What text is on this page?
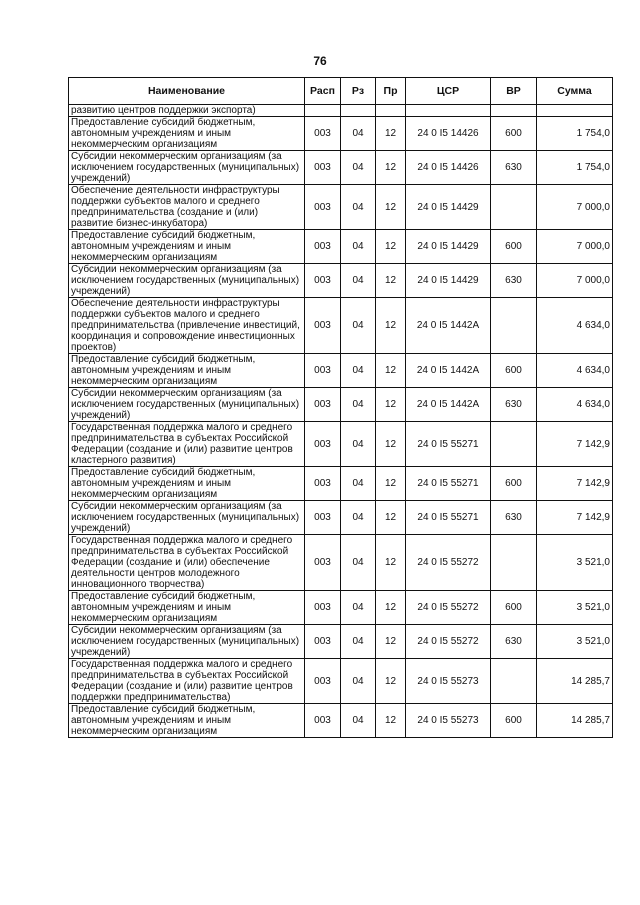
76
Наименование	Расп	Рз	Пр	ЦСР	ВР	Сумма
развитию центров поддержки экспорта)						
Предоставление субсидий бюджетным, автономным учреждениям и иным некоммерческим организациям	003	04	12	24 0 I5 14426	600	1 754,0
Субсидии некоммерческим организациям (за исключением государственных (муниципальных) учреждений)	003	04	12	24 0 I5 14426	630	1 754,0
Обеспечение деятельности инфраструктуры поддержки субъектов малого и среднего предпринимательства (создание и (или) развитие бизнес-инкубатора)	003	04	12	24 0 I5 14429		7 000,0
Предоставление субсидий бюджетным, автономным учреждениям и иным некоммерческим организациям	003	04	12	24 0 I5 14429	600	7 000,0
Субсидии некоммерческим организациям (за исключением государственных (муниципальных) учреждений)	003	04	12	24 0 I5 14429	630	7 000,0
Обеспечение деятельности инфраструктуры поддержки субъектов малого и среднего предпринимательства (привлечение инвестиций, координация и сопровождение инвестиционных проектов)	003	04	12	24 0 I5 1442A		4 634,0
Предоставление субсидий бюджетным, автономным учреждениям и иным некоммерческим организациям	003	04	12	24 0 I5 1442A	600	4 634,0
Субсидии некоммерческим организациям (за исключением государственных (муниципальных) учреждений)	003	04	12	24 0 I5 1442A	630	4 634,0
Государственная поддержка малого и среднего предпринимательства в субъектах Российской Федерации (создание и (или) развитие центров кластерного развития)	003	04	12	24 0 I5 55271		7 142,9
Предоставление субсидий бюджетным, автономным учреждениям и иным некоммерческим организациям	003	04	12	24 0 I5 55271	600	7 142,9
Субсидии некоммерческим организациям (за исключением государственных (муниципальных) учреждений)	003	04	12	24 0 I5 55271	630	7 142,9
Государственная поддержка малого и среднего предпринимательства в субъектах Российской Федерации (создание и (или) обеспечение деятельности центров молодежного инновационного творчества)	003	04	12	24 0 I5 55272		3 521,0
Предоставление субсидий бюджетным, автономным учреждениям и иным некоммерческим организациям	003	04	12	24 0 I5 55272	600	3 521,0
Субсидии некоммерческим организациям (за исключением государственных (муниципальных) учреждений)	003	04	12	24 0 I5 55272	630	3 521,0
Государственная поддержка малого и среднего предпринимательства в субъектах Российской Федерации (создание и (или) развитие центров поддержки предпринимательства)	003	04	12	24 0 I5 55273		14 285,7
Предоставление субсидий бюджетным, автономным учреждениям и иным некоммерческим организациям	003	04	12	24 0 I5 55273	600	14 285,7
